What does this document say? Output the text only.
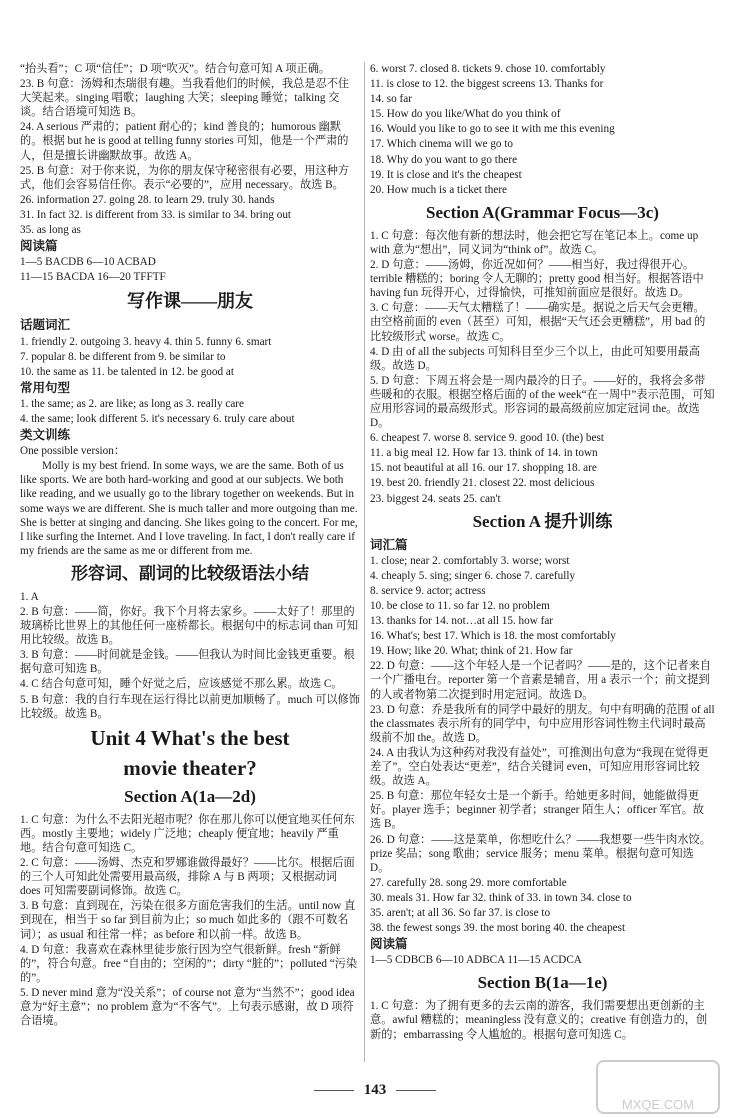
“抬头看”；C 项“信任”；D 项“吹灭”。结合句意可知 A 项正确。
23. B 句意：汤姆和杰瑞很有趣。当我看他们的时候，我总是忍不住大笑起来。singing 唱歌；laughing 大笑；sleeping 睡觉；talking 交谈。结合语境可知选 B。
24. A serious 严肃的；patient 耐心的；kind 善良的；humorous 幽默的。根据 but he is good at telling funny stories 可知，他是一个严肃的人，但是擅长讲幽默故事。故选 A。
25. B 句意：对于你来说，为你的朋友保守秘密很有必要，用这种方式，他们会容易信任你。表示“必要的”，应用 necessary。故选 B。
26. information 27. going 28. to learn 29. truly 30. hands
31. In fact 32. is different from 33. is similar to 34. bring out
35. as long as
阅读篇
1—5 BACDB 6—10 ACBAD
11—15 BACDA 16—20 TFFTF
写作课——朋友
话题词汇
1. friendly 2. outgoing 3. heavy 4. thin 5. funny 6. smart
7. popular 8. be different from 9. be similar to
10. the same as 11. be talented in 12. be good at
常用句型
1. the same; as 2. are like; as long as 3. really care
4. the same; look different 5. it's necessary 6. truly care about
类文训练
One possible version：
Molly is my best friend. In some ways, we are the same. Both of us like sports. We are both hard-working and good at our subjects. We both like reading, and we usually go to the library together on weekends. But in some ways we are different. She is much taller and more outgoing than me. She is better at singing and dancing. She likes going to the concert. For me, I like surfing the Internet. And I love traveling. In fact, I don't really care if my friends are the same as me or different from me.
形容词、副词的比较级语法小结
1. A
2. B 句意：——简，你好。我下个月将去家乡。——太好了！那里的玻璃桥比世界上的其他任何一座桥都长。根据句中的标志词 than 可知用比较级。故选 B。
3. B 句意：——时间就是金钱。——但我认为时间比金钱更重要。根据句意可知选 B。
4. C 结合句意可知，睡个好觉之后，应该感觉不那么累。故选 C。
5. B 句意：我的自行车现在运行得比以前更加顺畅了。much 可以修饰比较级。故选 B。
Unit 4 What's the best
movie theater?
Section A(1a—2d)
1. C 句意：为什么不去阳光超市呢？你在那儿你可以便宜地买任何东西。mostly 主要地；widely 广泛地；cheaply 便宜地；heavily 严重地。结合句意可知选 C。
2. C 句意：——汤姆、杰克和罗娜谁做得最好？——比尔。根据后面的三个人可知此处需要用最高级，排除 A 与 B 两项；又根据动词 does 可知需要副词修饰。故选 C。
3. B 句意：直到现在，污染在很多方面危害我们的生活。until now 直到现在，相当于 so far 到目前为止；so much 如此多的（跟不可数名词）；as usual 和往常一样；as before 和以前一样。故选 B。
4. D 句意：我喜欢在森林里徒步旅行因为空气很新鲜。fresh “新鲜的”，符合句意。free “自由的；空闲的”；dirty “脏的”；polluted “污染的”。
5. D never mind 意为“没关系”；of course not 意为“当然不”；good idea 意为“好主意”；no problem 意为“不客气”。上句表示感谢，故 D 项符合语境。
6. worst 7. closed 8. tickets 9. chose 10. comfortably
11. is close to 12. the biggest screens 13. Thanks for
14. so far
15. How do you like/What do you think of
16. Would you like to go to see it with me this evening
17. Which cinema will we go to
18. Why do you want to go there
19. It is close and it's the cheapest
20. How much is a ticket there
Section A(Grammar Focus—3c)
1. C 句意：每次他有新的想法时，他会把它写在笔记本上。come up with 意为“想出”，同义词为“think of”。故选 C。
2. D 句意：——汤姆，你近况如何？——相当好，我过得很开心。terrible 糟糕的；boring 令人无聊的；pretty good 相当好。根据答语中 having fun 玩得开心，过得愉快，可推知前面应是很好。故选 D。
3. C 句意：——天气太糟糕了！——确实是。据说之后天气会更糟。由空格前面的 even（甚至）可知，根据“天气还会更糟糕”，用 bad 的比较级形式 worse。故选 C。
4. D 由 of all the subjects 可知科目至少三个以上，由此可知要用最高级。故选 D。
5. D 句意：下周五将会是一周内最冷的日子。——好的，我将会多带些暖和的衣服。根据空格后面的 of the week“在一周中”表示范围，可知应用形容词的最高级形式。形容词的最高级前应加定冠词 the。故选 D。
6. cheapest 7. worse 8. service 9. good 10. (the) best
11. a big meal 12. How far 13. think of 14. in town
15. not beautiful at all 16. our 17. shopping 18. are
19. best 20. friendly 21. closest 22. most delicious
23. biggest 24. seats 25. can't
Section A 提升训练
词汇篇
1. close; near 2. comfortably 3. worse; worst
4. cheaply 5. sing; singer 6. chose 7. carefully
8. service 9. actor; actress
10. be close to 11. so far 12. no problem
13. thanks for 14. not…at all 15. how far
16. What's; best 17. Which is 18. the most comfortably
19. How; like 20. What; think of 21. How far
22. D 句意：——这个年轻人是一个记者吗？——是的，这个记者来自一个广播电台。reporter 第一个音素是辅音，用 a 表示一个；前文提到的人或者物第二次提到时用定冠词。故选 D。
23. D 句意：乔是我所有的同学中最好的朋友。句中有明确的范围 of all the classmates 表示所有的同学中，句中应用形容词性物主代词时最高级前不加 the。故选 D。
24. A 由我认为这种药对我没有益处”，可推测出句意为“我现在觉得更差了”。空白处表达“更差”，结合关键词 even，可知应用形容词比较级。故选 A。
25. B 句意：那位年轻女士是一个新手。给她更多时间，她能做得更好。player 选手；beginner 初学者；stranger 陌生人；officer 军官。故选 B。
26. D 句意：——这是菜单，你想吃什么？——我想要一些牛肉水饺。prize 奖品；song 歌曲；service 服务；menu 菜单。根据句意可知选 D。
27. carefully 28. song 29. more comfortable
30. meals 31. How far 32. think of 33. in town 34. close to
35. aren't; at all 36. So far 37. is close to
38. the fewest songs 39. the most boring 40. the cheapest
阅读篇
1—5 CDBCB 6—10 ADBCA 11—15 ACDCA
Section B(1a—1e)
1. C 句意：为了拥有更多的去云南的游客，我们需要想出更创新的主意。awful 糟糕的；meaningless 没有意义的；creative 有创造力的，创新的；embarrassing 令人尴尬的。根据句意可知选 C。
143
MXQE.COM
